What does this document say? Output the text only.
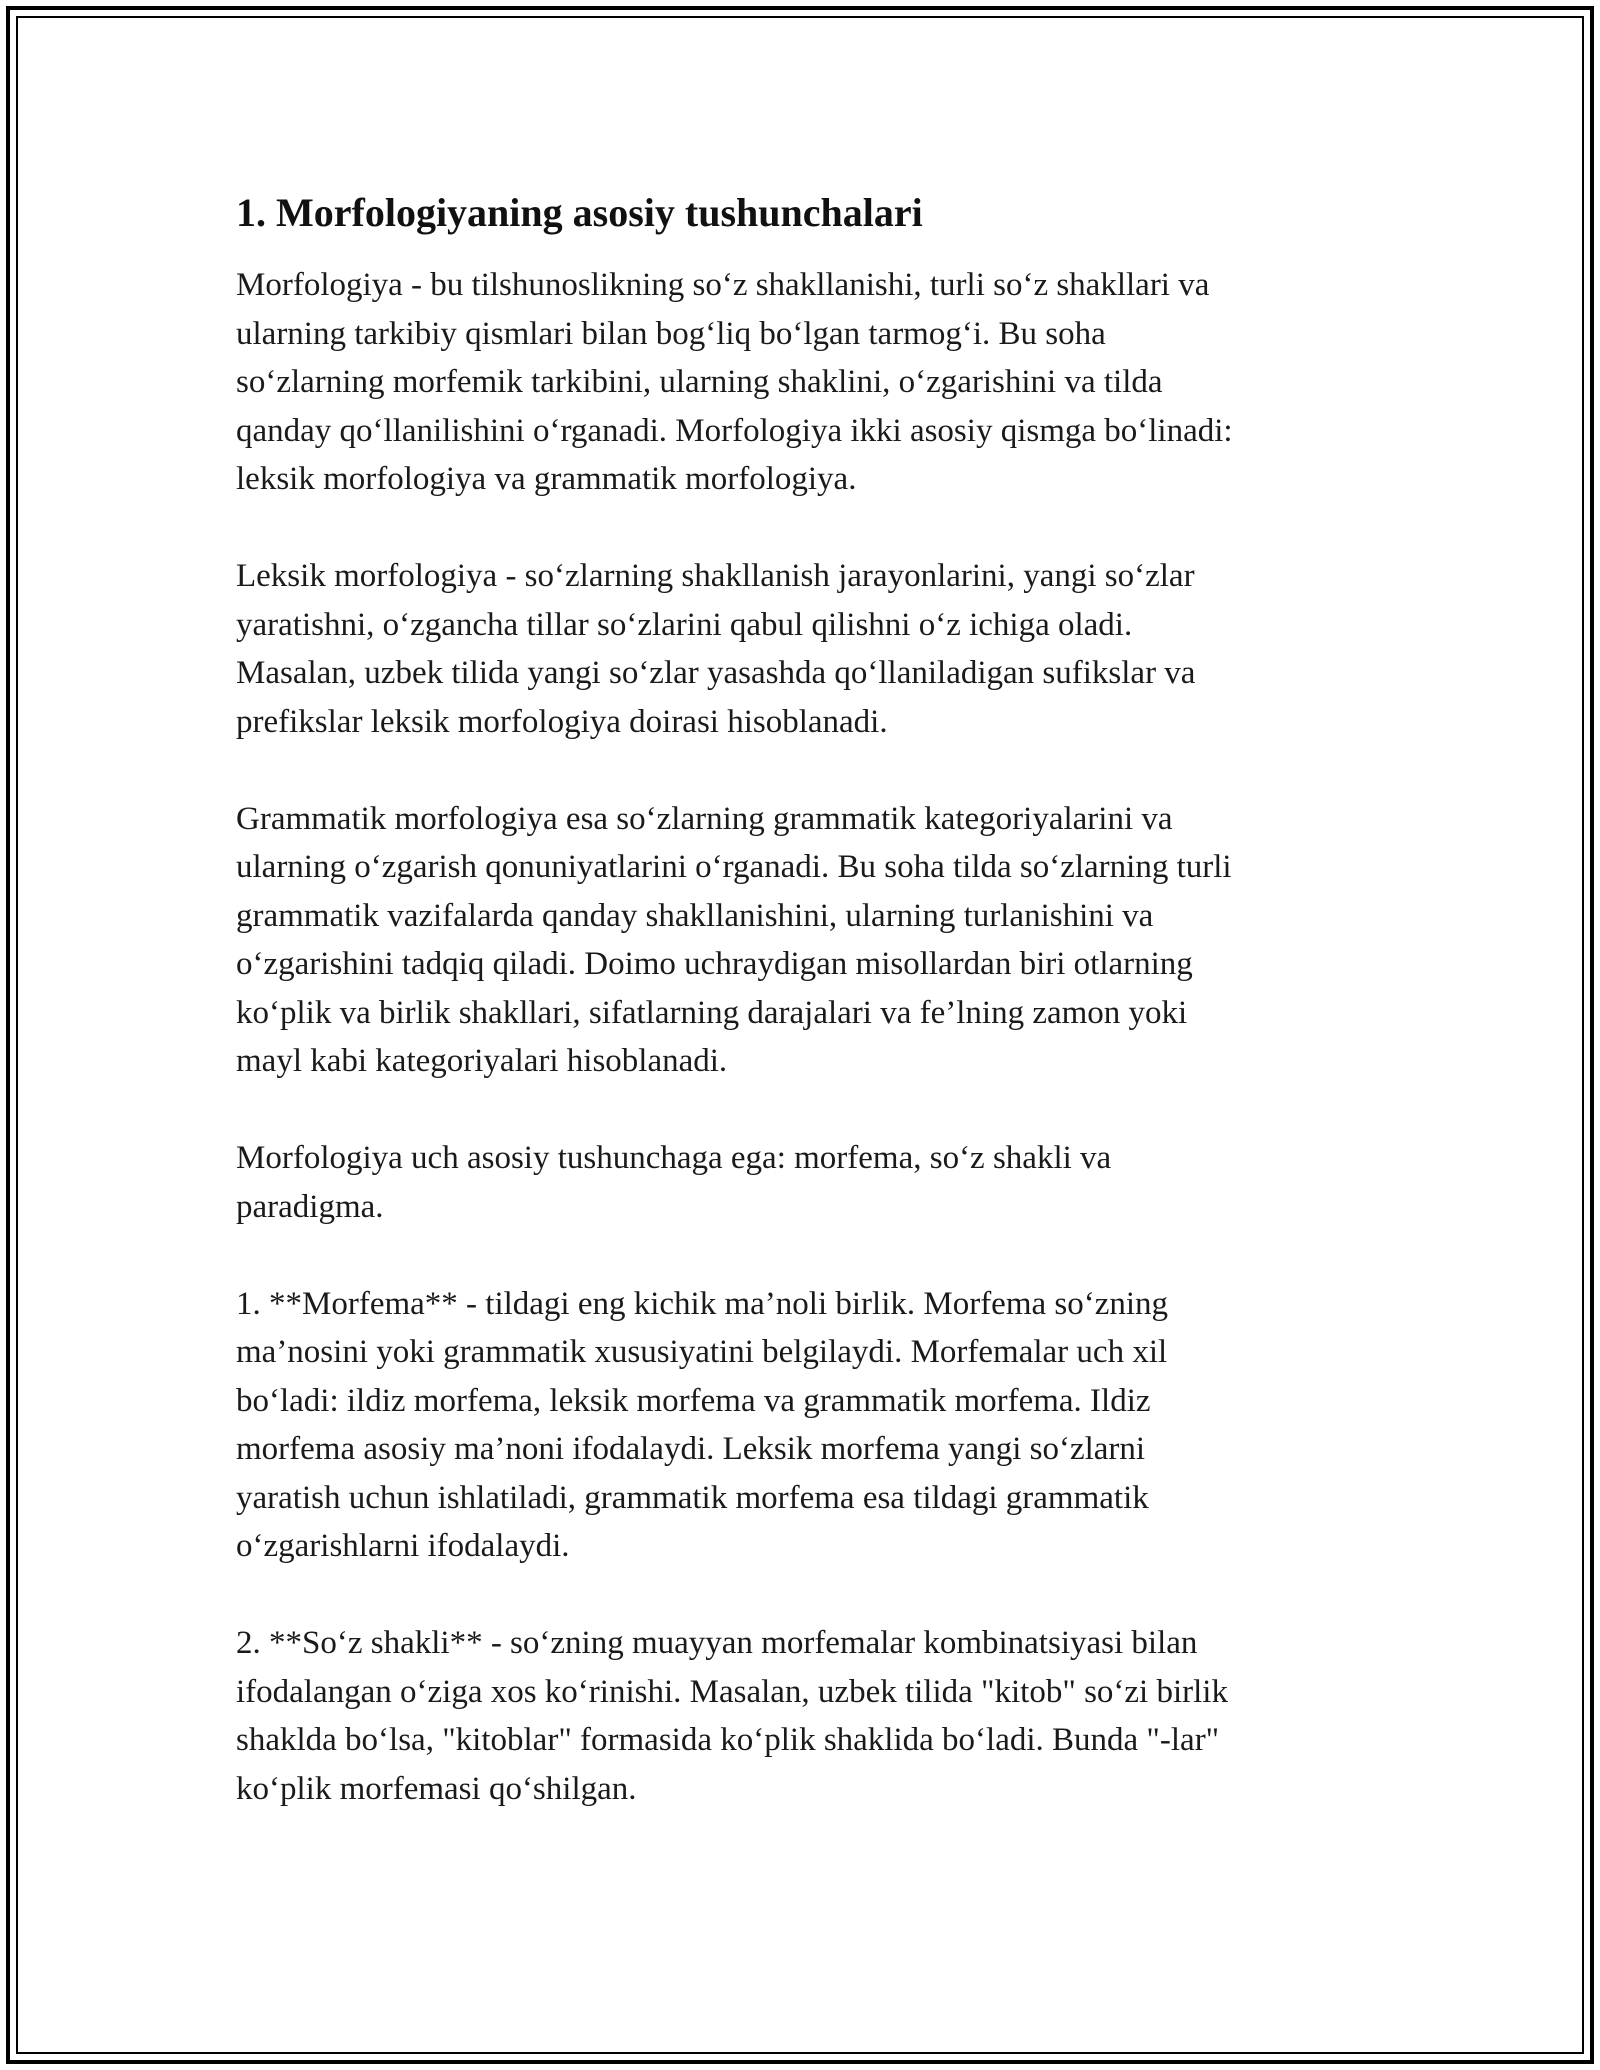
1. Morfologiyaning asosiy tushunchalari

Morfologiya - bu tilshunoslikning so‘z shakllanishi, turli so‘z shakllari va
ularning tarkibiy qismlari bilan bog‘liq bo‘lgan tarmog‘i. Bu soha
so‘zlarning morfemik tarkibini, ularning shaklini, o‘zgarishini va tilda
qanday qo‘llanilishini o‘rganadi. Morfologiya ikki asosiy qismga bo‘linadi:
leksik morfologiya va grammatik morfologiya.

Leksik morfologiya - so‘zlarning shakllanish jarayonlarini, yangi so‘zlar
yaratishni, o‘zgancha tillar so‘zlarini qabul qilishni o‘z ichiga oladi.
Masalan, uzbek tilida yangi so‘zlar yasashda qo‘llaniladigan sufikslar va
prefikslar leksik morfologiya doirasi hisoblanadi.

Grammatik morfologiya esa so‘zlarning grammatik kategoriyalarini va
ularning o‘zgarish qonuniyatlarini o‘rganadi. Bu soha tilda so‘zlarning turli
grammatik vazifalarda qanday shakllanishini, ularning turlanishini va
o‘zgarishini tadqiq qiladi. Doimo uchraydigan misollardan biri otlarning
ko‘plik va birlik shakllari, sifatlarning darajalari va fe’lning zamon yoki
mayl kabi kategoriyalari hisoblanadi.

Morfologiya uch asosiy tushunchaga ega: morfema, so‘z shakli va
paradigma.

1. **Morfema** - tildagi eng kichik ma’noli birlik. Morfema so‘zning
ma’nosini yoki grammatik xususiyatini belgilaydi. Morfemalar uch xil
bo‘ladi: ildiz morfema, leksik morfema va grammatik morfema. Ildiz
morfema asosiy ma’noni ifodalaydi. Leksik morfema yangi so‘zlarni
yaratish uchun ishlatiladi, grammatik morfema esa tildagi grammatik
o‘zgarishlarni ifodalaydi.

2. **So‘z shakli** - so‘zning muayyan morfemalar kombinatsiyasi bilan
ifodalangan o‘ziga xos ko‘rinishi. Masalan, uzbek tilida "kitob" so‘zi birlik
shaklda bo‘lsa, "kitoblar" formasida ko‘plik shaklida bo‘ladi. Bunda "-lar"
ko‘plik morfemasi qo‘shilgan.
